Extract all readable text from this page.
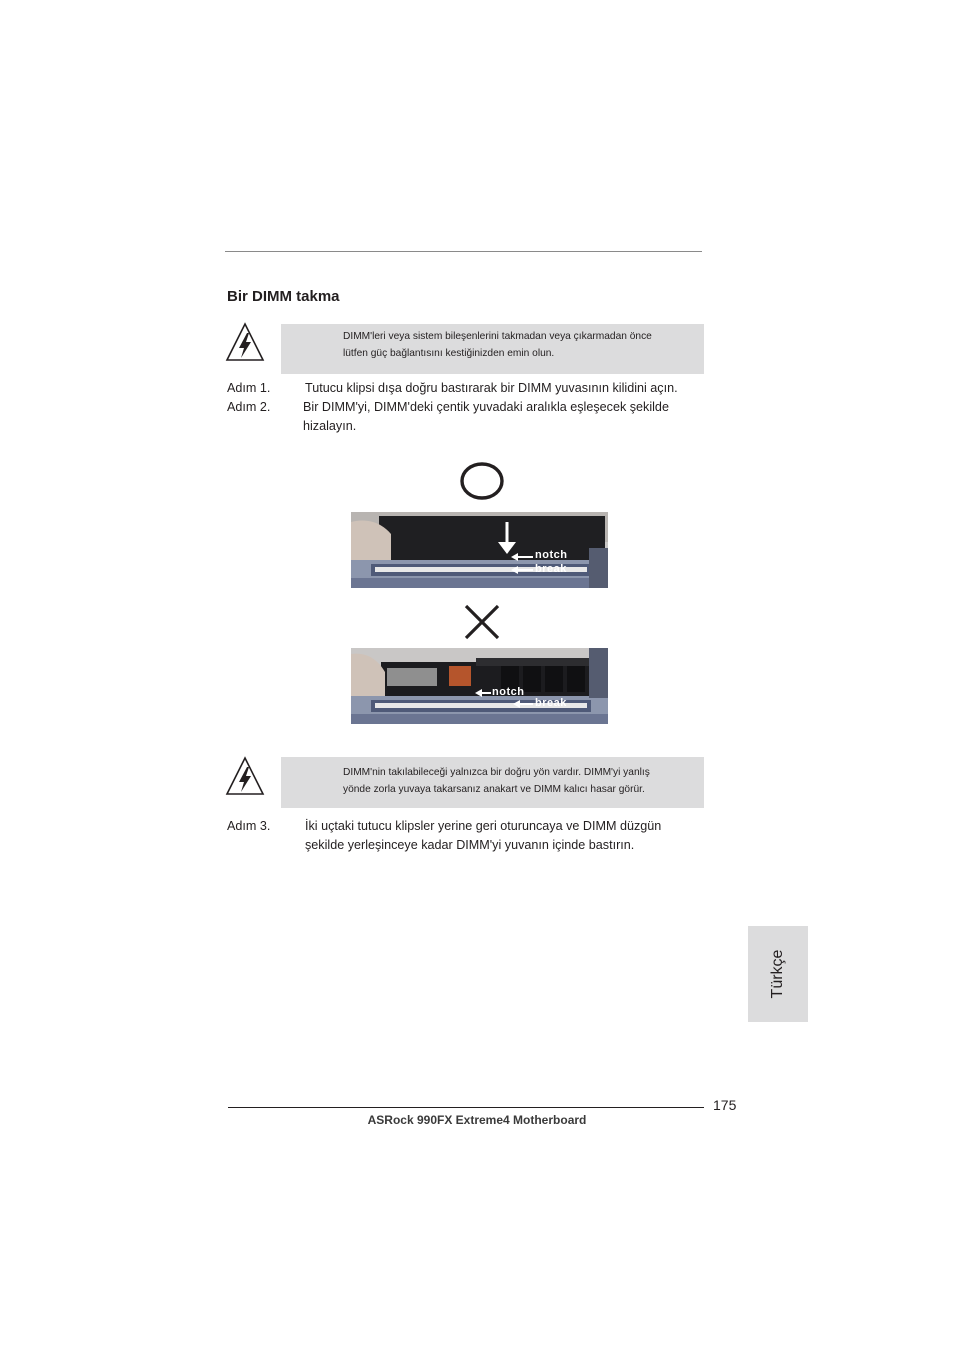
Bir DIMM takma
DIMM'leri veya sistem bileşenlerini takmadan veya çıkarmadan önce
lütfen güç bağlantısını kestiğinizden emin olun.
Adım 1.	Tutucu klipsi dışa doğru bastırarak bir DIMM yuvasının kilidini açın.
Adım 2.	Bir DIMM'yi, DIMM'deki çentik yuvadaki aralıkla eşleşecek şekilde
hizalayın.
notch
break
notch
break
DIMM'nin takılabileceği yalnızca bir doğru yön vardır. DIMM'yi yanlış
yönde zorla yuvaya takarsanız anakart ve DIMM kalıcı hasar görür.
Adım 3.	İki uçtaki tutucu klipsler yerine geri oturuncaya ve DIMM düzgün
şekilde yerleşinceye kadar DIMM'yi yuvanın içinde bastırın.
Türkçe
175
ASRock 990FX Extreme4 Motherboard
